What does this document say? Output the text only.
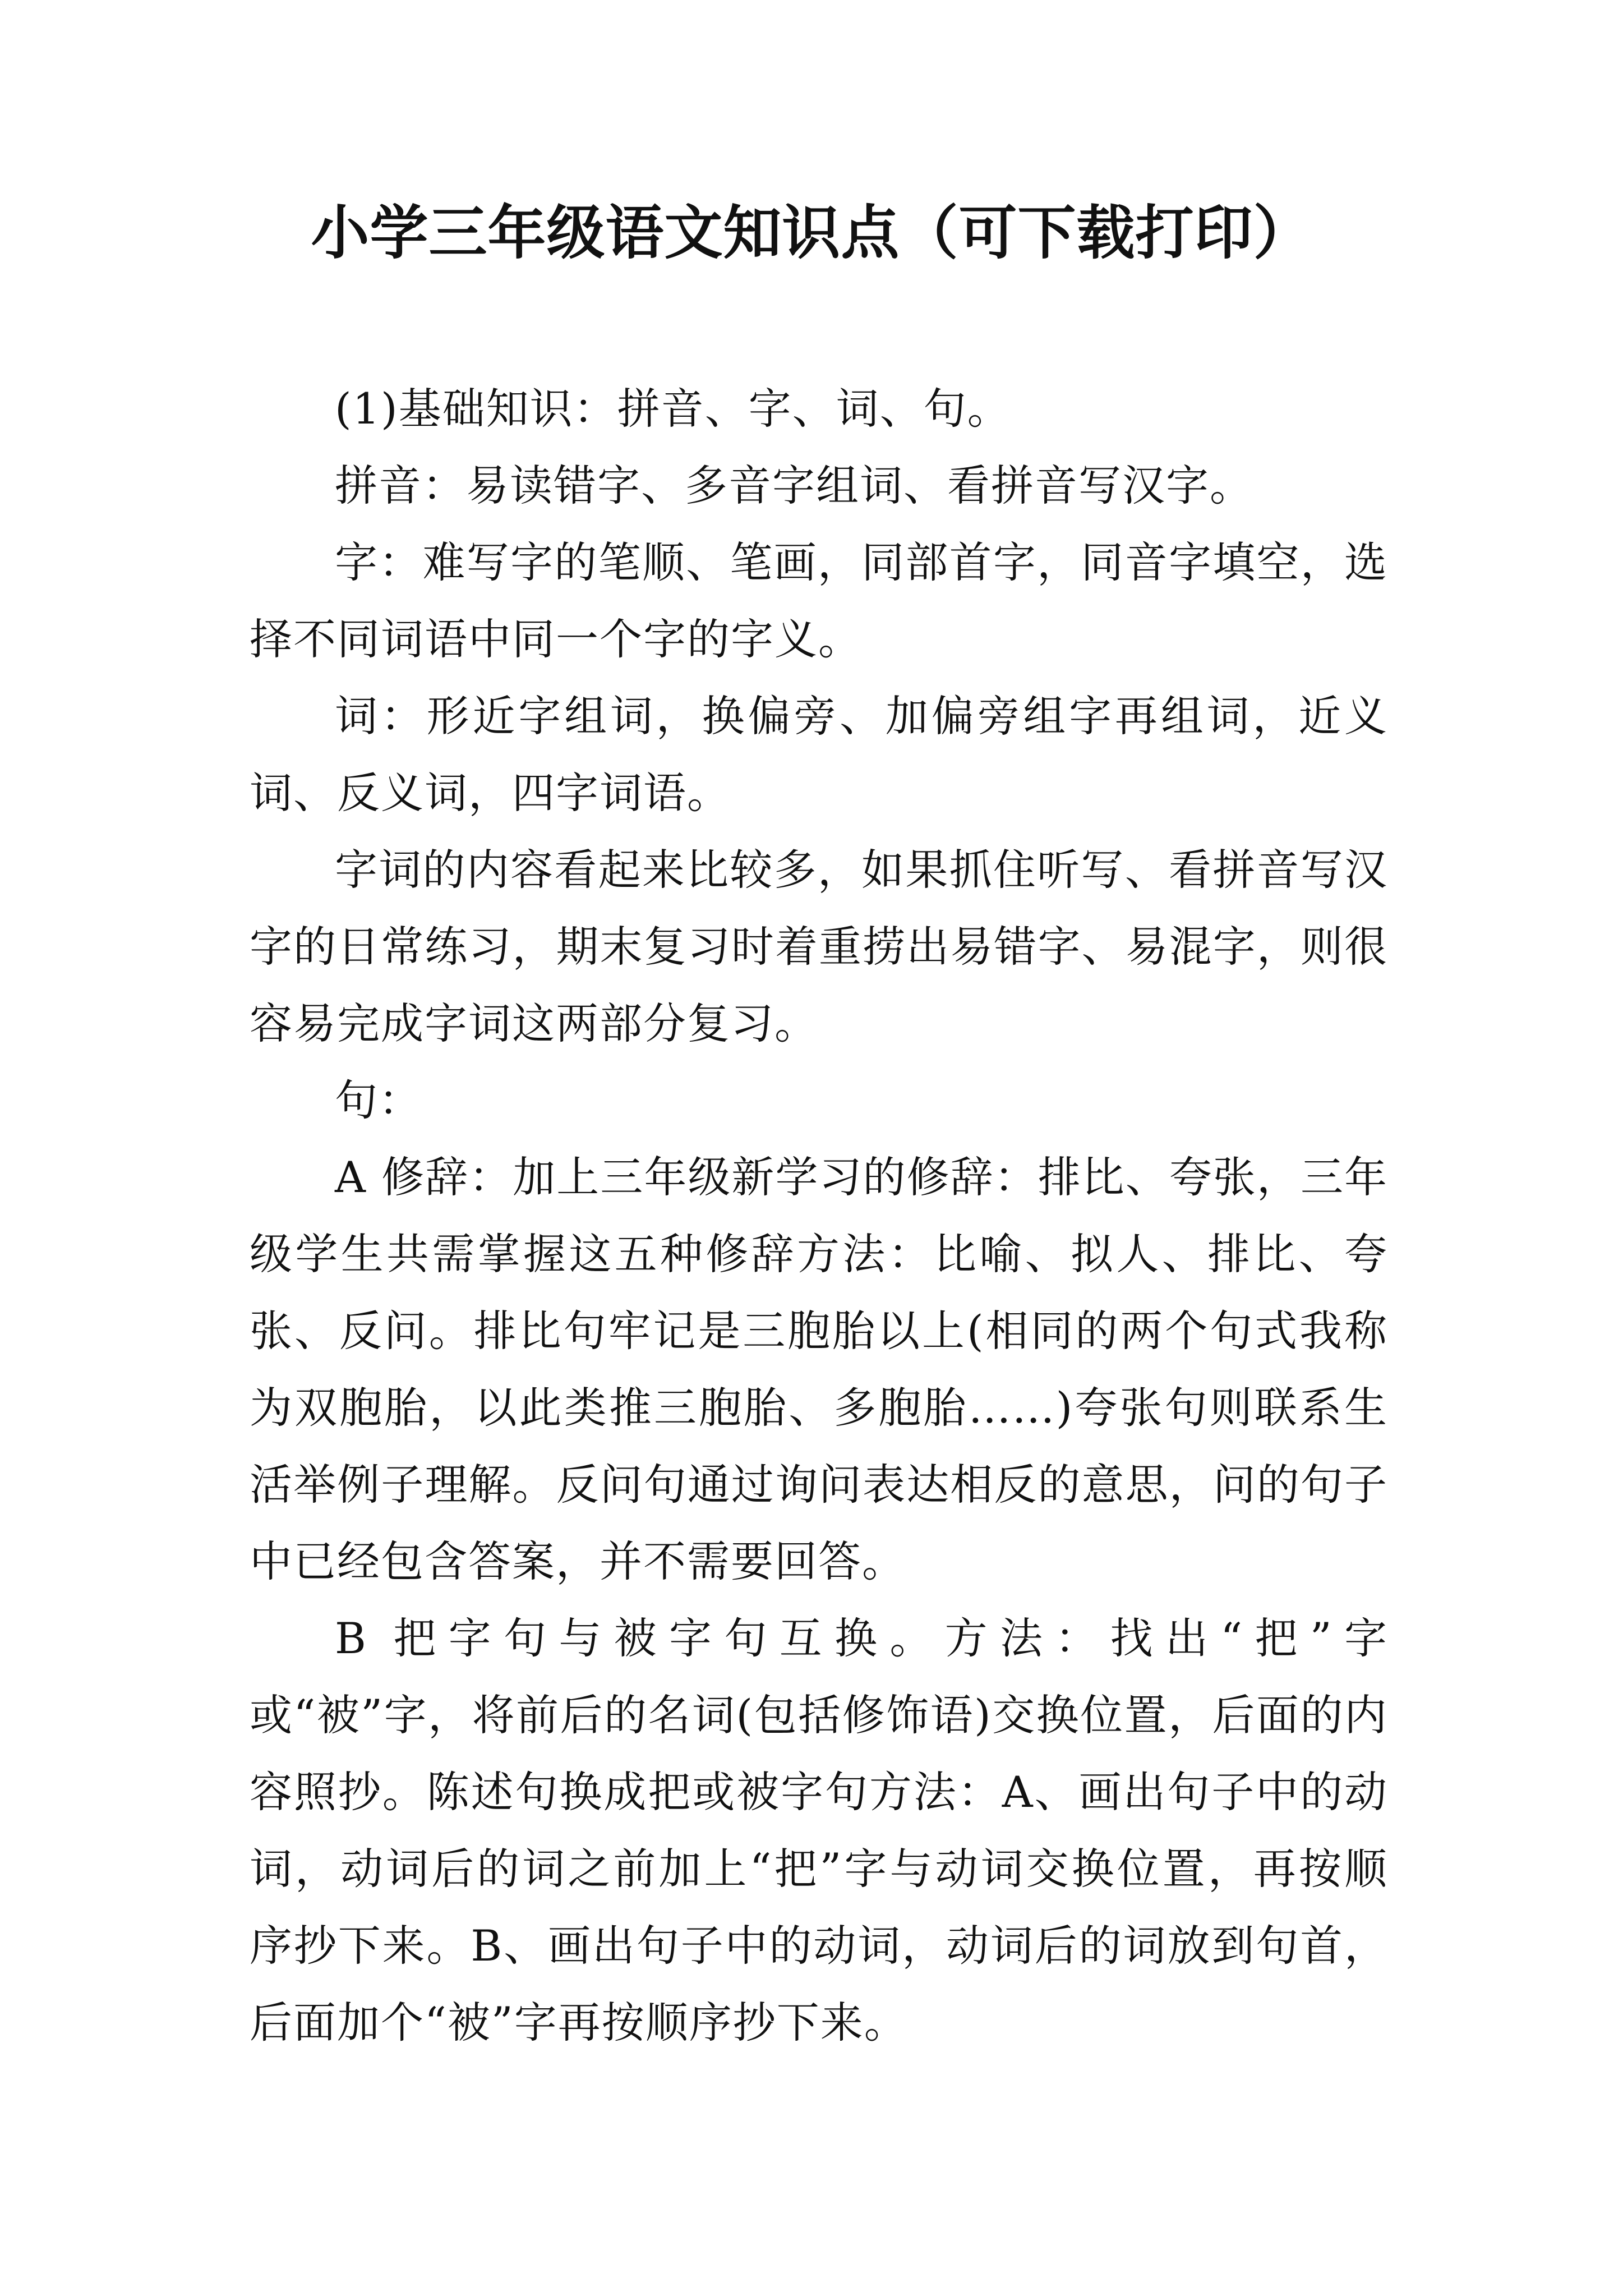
小学三年级语文知识点（可下载打印）

(1)基础知识：拼音、字、词、句。

拼音：易读错字、多音字组词、看拼音写汉字。

字：难写字的笔顺、笔画，同部首字，同音字填空，选择不同词语中同一个字的字义。

词：形近字组词，换偏旁、加偏旁组字再组词，近义词、反义词，四字词语。

字词的内容看起来比较多，如果抓住听写、看拼音写汉字的日常练习，期末复习时着重捞出易错字、易混字，则很容易完成字词这两部分复习。

句：

A 修辞：加上三年级新学习的修辞：排比、夸张，三年级学生共需掌握这五种修辞方法：比喻、拟人、排比、夸张、反问。排比句牢记是三胞胎以上(相同的两个句式我称为双胞胎，以此类推三胞胎、多胞胎……)夸张句则联系生活举例子理解。反问句通过询问表达相反的意思，问的句子中已经包含答案，并不需要回答。

B 把字句与被字句互换。方法：找出“把”字或“被”字，将前后的名词(包括修饰语)交换位置，后面的内容照抄。陈述句换成把或被字句方法：A、画出句子中的动词，动词后的词之前加上“把”字与动词交换位置，再按顺序抄下来。B、画出句子中的动词，动词后的词放到句首，后面加个“被”字再按顺序抄下来。
